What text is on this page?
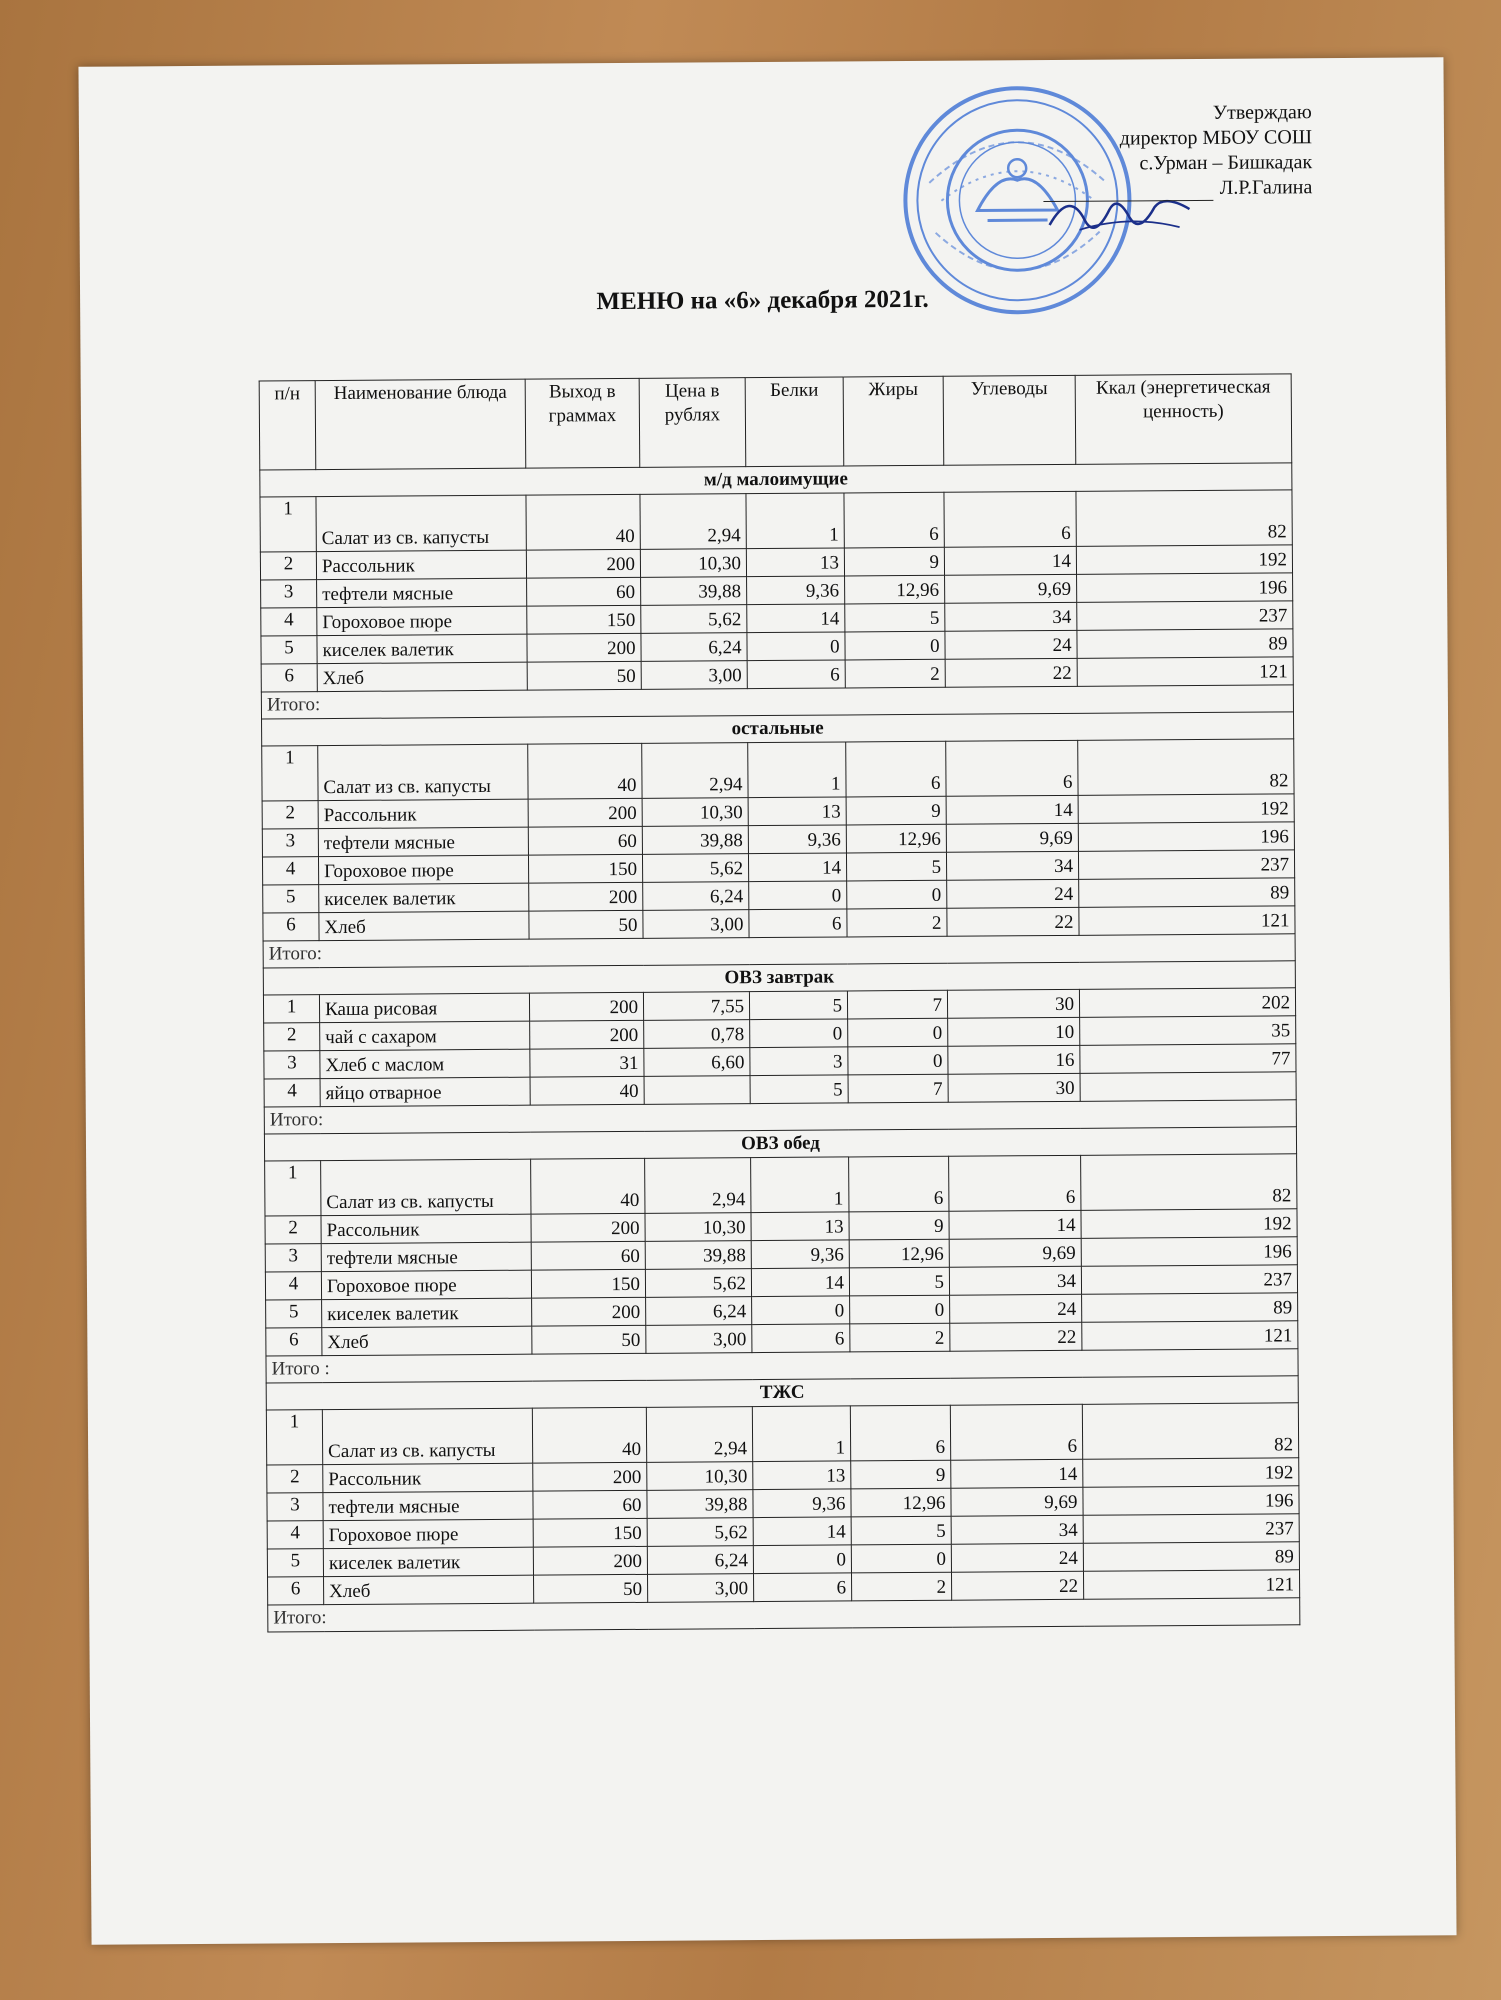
Утверждаю
директор МБОУ СОШ
с.Урман – Бишкадак
Л.Р.Галина
МЕНЮ на «6» декабря 2021г.
п/н	Наименование блюда	Выход в граммах	Цена в рублях	Белки	Жиры	Углеводы	Ккал (энергетическая ценность)
м/д малоимущие							
1	Салат из св. капусты	40	2,94	1	6	6	82
2	Рассольник	200	10,30	13	9	14	192
3	тефтели мясные	60	39,88	9,36	12,96	9,69	196
4	Гороховое пюре	150	5,62	14	5	34	237
5	киселек валетик	200	6,24	0	0	24	89
6	Хлеб	50	3,00	6	2	22	121
Итого:							
остальные							
1	Салат из св. капусты	40	2,94	1	6	6	82
2	Рассольник	200	10,30	13	9	14	192
3	тефтели мясные	60	39,88	9,36	12,96	9,69	196
4	Гороховое пюре	150	5,62	14	5	34	237
5	киселек валетик	200	6,24	0	0	24	89
6	Хлеб	50	3,00	6	2	22	121
Итого:							
ОВЗ завтрак							
1	Каша рисовая	200	7,55	5	7	30	202
2	чай с сахаром	200	0,78	0	0	10	35
3	Хлеб с маслом	31	6,60	3	0	16	77
4	яйцо отварное	40		5	7	30	
Итого:							
ОВЗ обед							
1	Салат из св. капусты	40	2,94	1	6	6	82
2	Рассольник	200	10,30	13	9	14	192
3	тефтели мясные	60	39,88	9,36	12,96	9,69	196
4	Гороховое пюре	150	5,62	14	5	34	237
5	киселек валетик	200	6,24	0	0	24	89
6	Хлеб	50	3,00	6	2	22	121
Итого :							
ТЖС							
1	Салат из св. капусты	40	2,94	1	6	6	82
2	Рассольник	200	10,30	13	9	14	192
3	тефтели мясные	60	39,88	9,36	12,96	9,69	196
4	Гороховое пюре	150	5,62	14	5	34	237
5	киселек валетик	200	6,24	0	0	24	89
6	Хлеб	50	3,00	6	2	22	121
Итого:							
